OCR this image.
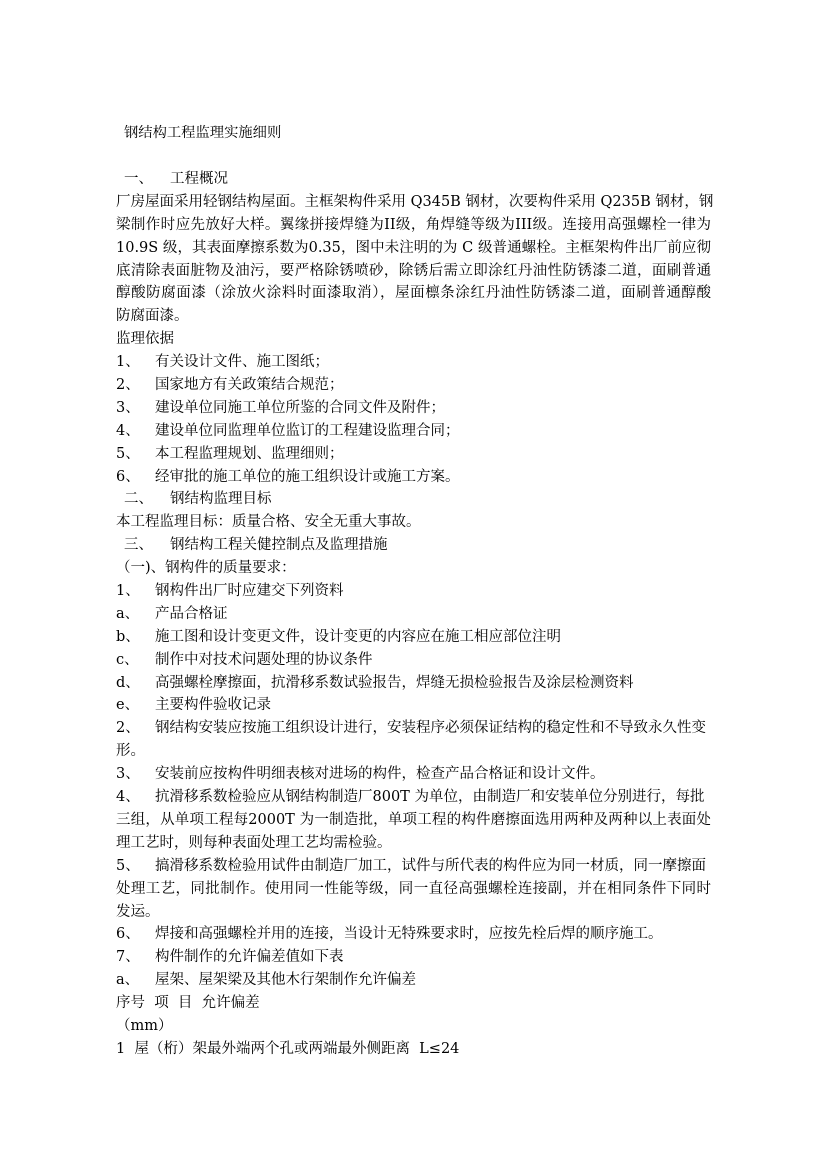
钢结构工程监理实施细则
一、 工程概况
厂房屋面采用轻钢结构屋面。主框架构件采用 Q345B 钢材，次要构件采用 Q235B 钢材，钢
梁制作时应先放好大样。翼缘拼接焊缝为II级，角焊缝等级为III级。连接用高强螺栓一律为
10.9S 级，其表面摩擦系数为0.35，图中未注明的为 C 级普通螺栓。主框架构件出厂前应彻
底清除表面脏物及油污，要严格除锈喷砂，除锈后需立即涂红丹油性防锈漆二道，面刷普通
醇酸防腐面漆（涂放火涂料时面漆取消），屋面檩条涂红丹油性防锈漆二道，面刷普通醇酸
防腐面漆。
监理依据
1、 有关设计文件、施工图纸；
2、 国家地方有关政策结合规范；
3、 建设单位同施工单位所鉴的合同文件及附件；
4、 建设单位同监理单位监订的工程建设监理合同；
5、 本工程监理规划、监理细则；
6、 经审批的施工单位的施工组织设计或施工方案。
二、 钢结构监理目标
本工程监理目标：质量合格、安全无重大事故。
三、 钢结构工程关健控制点及监理措施
（一)、钢构件的质量要求：
1、 钢构件出厂时应建交下列资料
a、 产品合格证
b、 施工图和设计变更文件，设计变更的内容应在施工相应部位注明
c、 制作中对技术问题处理的协议条件
d、 高强螺栓摩擦面，抗滑移系数试验报告，焊缝无损检验报告及涂层检测资料
e、 主要构件验收记录
2、 钢结构安装应按施工组织设计进行，安装程序必须保证结构的稳定性和不导致永久性变
形。
3、 安装前应按构件明细表核对进场的构件，检查产品合格证和设计文件。
4、 抗滑移系数检验应从钢结构制造厂800T 为单位，由制造厂和安装单位分别进行，每批
三组，从单项工程每2000T 为一制造批，单项工程的构件磨擦面选用两种及两种以上表面处
理工艺时，则每种表面处理工艺均需检验。
5、 搞滑移系数检验用试件由制造厂加工，试件与所代表的构件应为同一材质，同一摩擦面
处理工艺，同批制作。使用同一性能等级，同一直径高强螺栓连接副，并在相同条件下同时
发运。
6、 焊接和高强螺栓并用的连接，当设计无特殊要求时，应按先栓后焊的顺序施工。
7、 构件制作的允许偏差值如下表
a、 屋架、屋架梁及其他木行架制作允许偏差
序号  项  目  允许偏差
（mm）
1  屋（桁）架最外端两个孔或两端最外侧距离  L≤24
